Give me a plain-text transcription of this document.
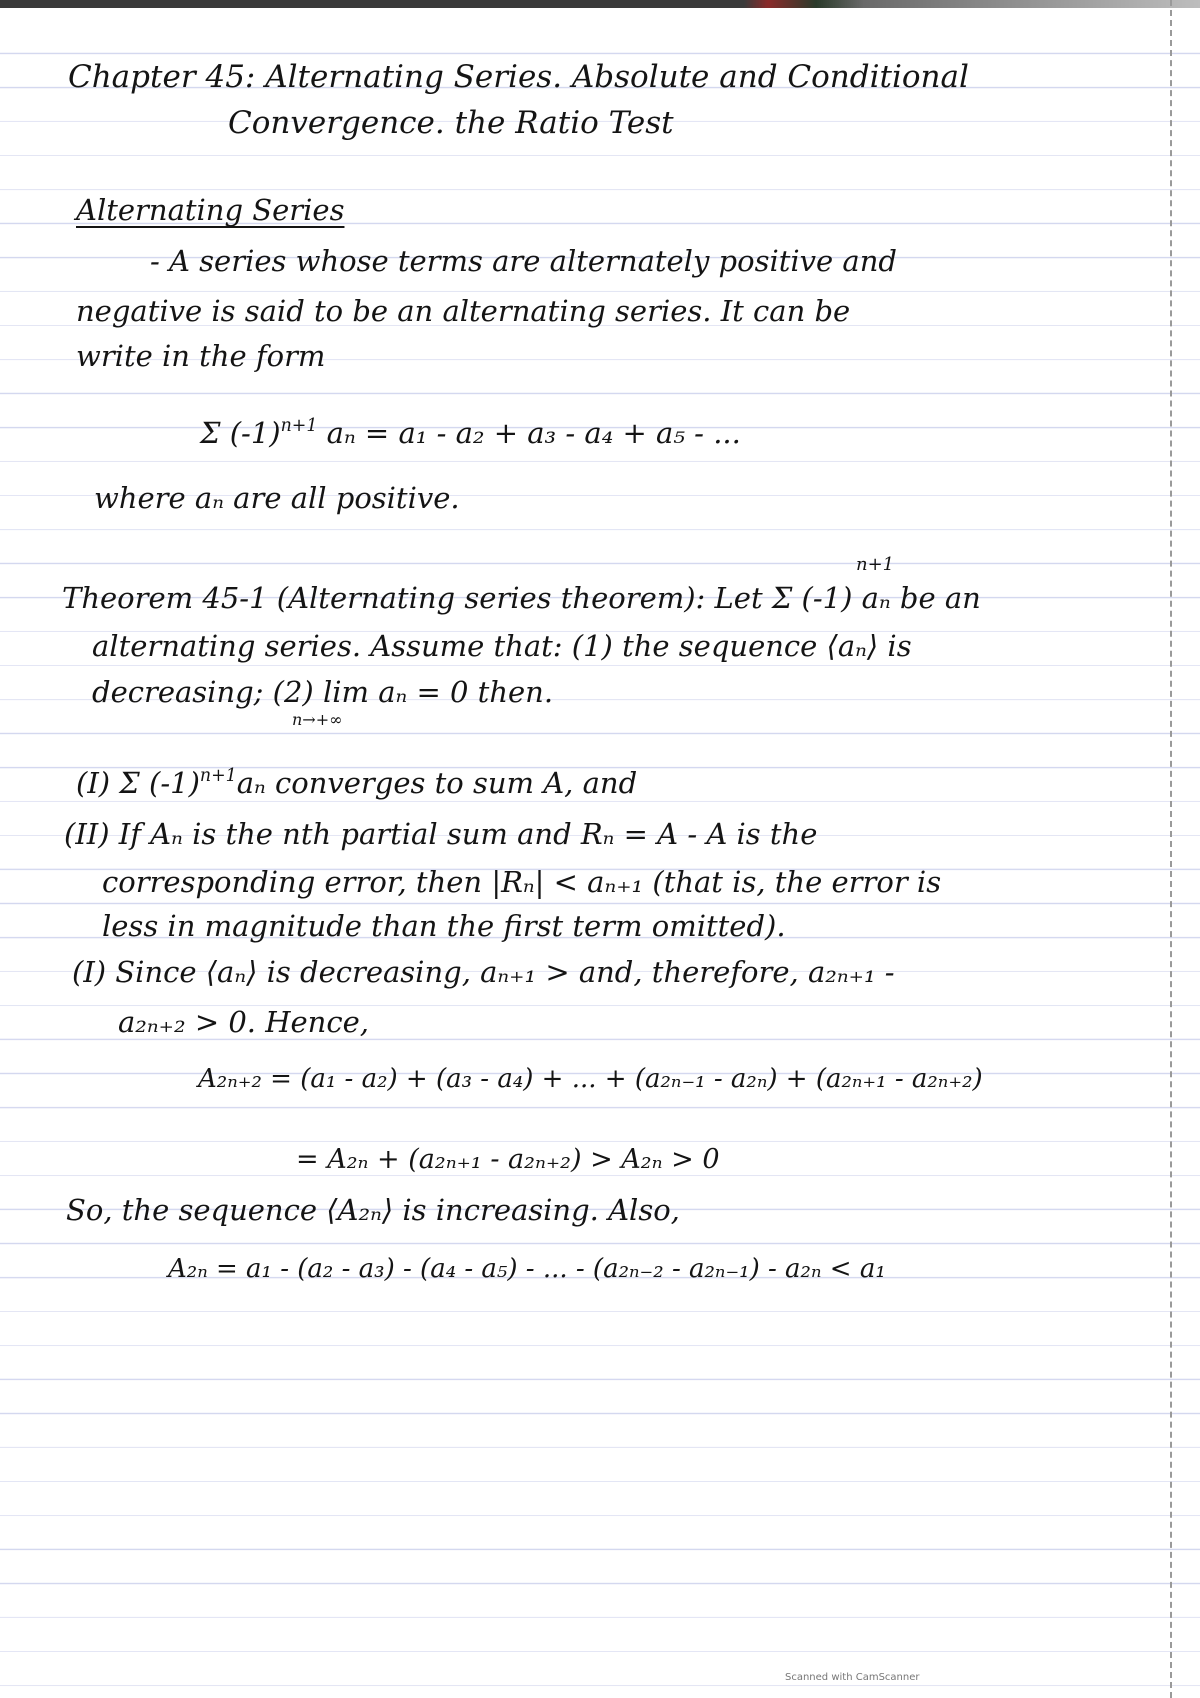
Chapter 45: Alternating Series. Absolute and Conditional
Convergence. the Ratio Test
Alternating Series
- A series whose terms are alternately positive and
negative is said to be an alternating series. It can be
write in the form
Σ $(-1)^{n+1}$ aₙ = a₁ - a₂ + a₃ - a₄ + a₅ - ...
where aₙ are all positive.
n+1
Theorem 45-1 (Alternating series theorem): Let Σ (-1) aₙ be an
alternating series. Assume that: (1) the sequence ⟨aₙ⟩ is
decreasing; (2) lim aₙ = 0 then.
n→+∞
(I) Σ $(-1)^{n+1}a_n$ converges to sum A, and
(II) If Aₙ is the nth partial sum and Rₙ = A - A is the
corresponding error, then |Rₙ| < aₙ₊₁ (that is, the error is
less in magnitude than the first term omitted).
(I) Since ⟨aₙ⟩ is decreasing, aₙ₊₁ > and, therefore, a₂ₙ₊₁ -
a₂ₙ₊₂ > 0. Hence,
A₂ₙ₊₂ = (a₁ - a₂) + (a₃ - a₄) + ... + (a₂ₙ₋₁ - a₂ₙ) + (a₂ₙ₊₁ - a₂ₙ₊₂)
= A₂ₙ + (a₂ₙ₊₁ - a₂ₙ₊₂) > A₂ₙ > 0
So, the sequence ⟨A₂ₙ⟩ is increasing. Also,
A₂ₙ = a₁ - (a₂ - a₃) - (a₄ - a₅) - ... - (a₂ₙ₋₂ - a₂ₙ₋₁) - a₂ₙ < a₁
Scanned with CamScanner
